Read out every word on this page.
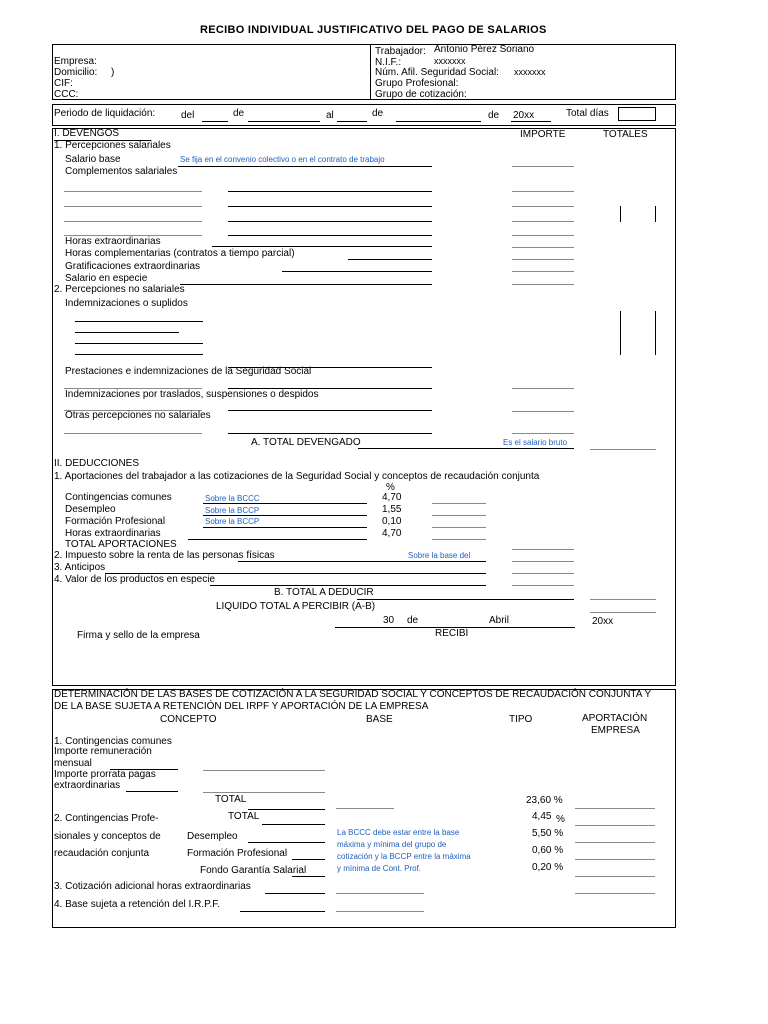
RECIBO INDIVIDUAL JUSTIFICATIVO DEL PAGO DE SALARIOS
Empresa:
Domicilio: )
CIF:
CCC:
Trabajador: Antonio Pérez Soriano
N.I.F.:	xxxxxxx
Núm. Afil. Seguridad Social: xxxxxxx
Grupo Profesional:
Grupo de cotización:
Periodo de liquidación:	del	de	al	de	de 20xx	Total días
I. DEVENGOS	IMPORTE	TOTALES
1. Percepciones salariales
Salario base	Se fija en el convenio colectivo o en el contrato de trabajo
Complementos salariales
Horas extraordinarias
Horas complementarias (contratos a tiempo parcial)
Gratificaciones extraordinarias
Salario en especie
2. Percepciones no salariales
Indemnizaciones o suplidos
Prestaciones e indemnizaciones de la Seguridad Social
Indemnizaciones por traslados, suspensiones o despidos
Otras percepciones no salariales
A. TOTAL DEVENGADO	Es el salario bruto
II. DEDUCCIONES
1. Aportaciones del trabajador a las cotizaciones de la Seguridad Social y conceptos de recaudación conjunta
%
Contingencias comunes	Sobre la BCCC	4,70
Desempleo	Sobre la BCCP	1,55
Formación Profesional	Sobre la BCCP	0,10
Horas extraordinarias	4,70
TOTAL APORTACIONES
2. Impuesto sobre la renta de las personas físicas	Sobre la base del
3. Anticipos
4. Valor de los productos en especie
B. TOTAL A DEDUCIR
LIQUIDO TOTAL A PERCIBIR (A-B)
30 de	Abril	20xx
Firma y sello de la empresa	RECIBÍ
DETERMINACIÓN DE LAS BASES DE COTIZACIÓN A LA SEGURIDAD SOCIAL Y CONCEPTOS DE RECAUDACIÓN CONJUNTA Y
DE LA BASE SUJETA A RETENCIÓN DEL IRPF Y APORTACIÓN DE LA EMPRESA
CONCEPTO	BASE	TIPO	APORTACIÓN
EMPRESA
1. Contingencias comunes
Importe remuneración
mensual
Importe prorrata pagas
extraordinarias
TOTAL	23,60 %
2. Contingencias Profe-	TOTAL	4,45 %
sionales y conceptos de	Desempleo	5,50 %
La BCCC debe estar entre la base
máxima y mínima del grupo de
cotización y la BCCP entre la máxima
y mínima de Cont. Prof.
recaudación conjunta	Formación Profesional	0,60 %
Fondo Garantía Salarial	0,20 %
3. Cotización adicional horas extraordinarias
4. Base sujeta a retención del I.R.P.F.
